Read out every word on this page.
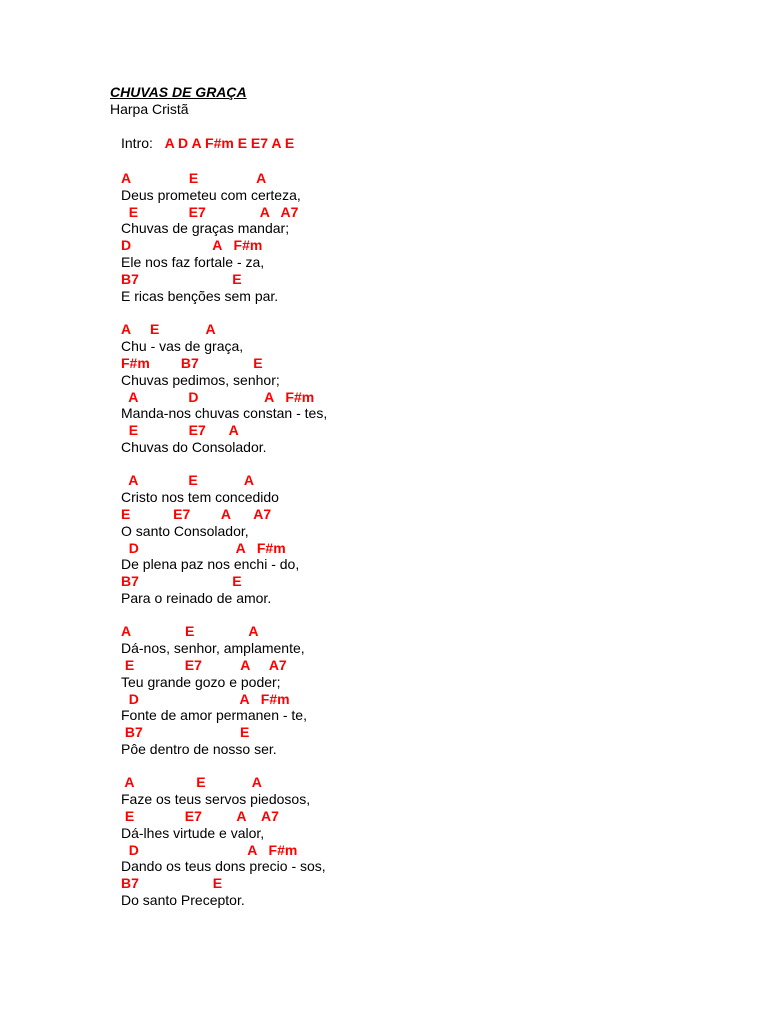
CHUVAS DE GRAÇA
Harpa Cristã
Intro:   A D A F#m E E7 A E
A               E               A
Deus prometeu com certeza,
E             E7              A   A7
Chuvas de graças mandar;
D                     A   F#m
Ele nos faz fortale - za,
B7                        E
E ricas benções sem par.
A     E            A
Chu - vas de graça,
F#m        B7              E
Chuvas pedimos, senhor;
A             D                 A   F#m
Manda-nos chuvas constan - tes,
E             E7      A
Chuvas do Consolador.
A             E            A
Cristo nos tem concedido
E           E7        A      A7
O santo Consolador,
D                         A   F#m
De plena paz nos enchi - do,
B7                        E
Para o reinado de amor.
A              E              A
Dá-nos, senhor, amplamente,
E             E7          A     A7
Teu grande gozo e poder;
D                          A   F#m
Fonte de amor permanen - te,
B7                         E
Pôe dentro de nosso ser.
A                E            A
Faze os teus servos piedosos,
E             E7         A    A7
Dá-lhes virtude e valor,
D                            A   F#m
Dando os teus dons precio - sos,
B7                   E
Do santo Preceptor.
